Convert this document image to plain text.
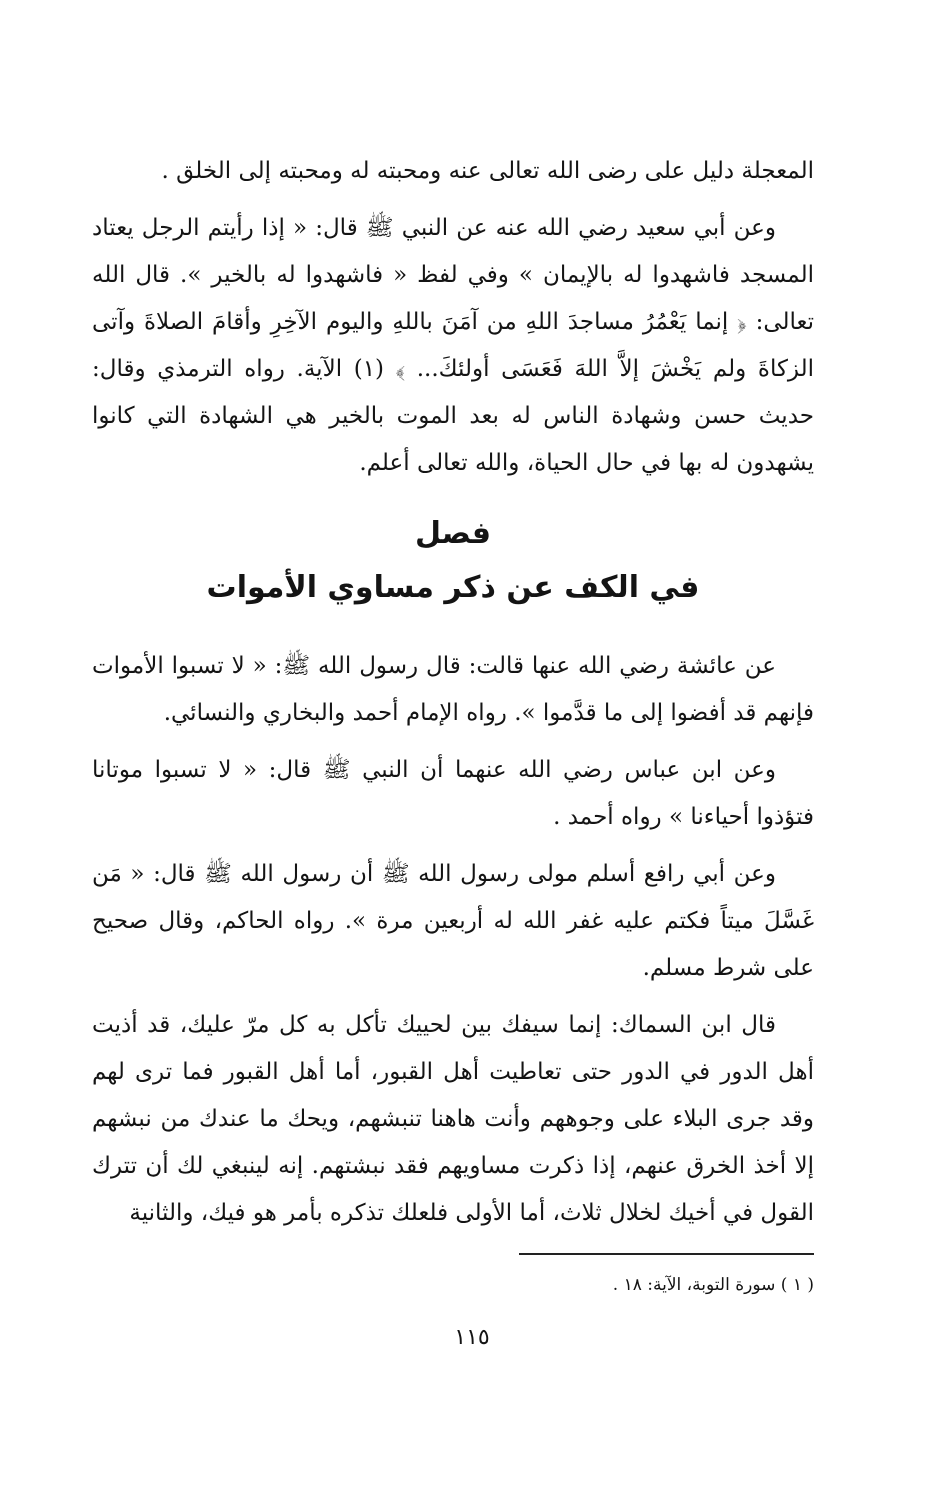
المعجلة دليل على رضى الله تعالى عنه ومحبته له ومحبته إلى الخلق .

وعن أبي سعيد رضي الله عنه عن النبي ﷺ قال: « إذا رأيتم الرجل يعتاد المسجد فاشهدوا له بالإيمان » وفي لفظ « فاشهدوا له بالخير ». قال الله تعالى: ﴿ إنما يَعْمُرُ مساجدَ اللهِ من آمَنَ باللهِ واليوم الآخِرِ وأقامَ الصلاةَ وآتى الزكاةَ ولم يَخْشَ إلاَّ اللهَ فَعَسَى أولئكَ... ﴾ (١) الآية. رواه الترمذي وقال: حديث حسن وشهادة الناس له بعد الموت بالخير هي الشهادة التي كانوا يشهدون له بها في حال الحياة، والله تعالى أعلم.

فصل

في الكف عن ذكر مساوي الأموات

عن عائشة رضي الله عنها قالت: قال رسول الله ﷺ: « لا تسبوا الأموات فإنهم قد أفضوا إلى ما قدَّموا ». رواه الإمام أحمد والبخاري والنسائي.

وعن ابن عباس رضي الله عنهما أن النبي ﷺ قال: « لا تسبوا موتانا فتؤذوا أحياءنا » رواه أحمد .

وعن أبي رافع أسلم مولى رسول الله ﷺ أن رسول الله ﷺ قال: « مَن غَسَّلَ ميتاً فكتم عليه غفر الله له أربعين مرة ». رواه الحاكم، وقال صحيح على شرط مسلم.

قال ابن السماك: إنما سيفك بين لحييك تأكل به كل مرّ عليك، قد أذيت أهل الدور في الدور حتى تعاطيت أهل القبور، أما أهل القبور فما ترى لهم وقد جرى البلاء على وجوههم وأنت هاهنا تنبشهم، ويحك ما عندك من نبشهم إلا أخذ الخرق عنهم، إذا ذكرت مساويهم فقد نبشتهم. إنه لينبغي لك أن تترك القول في أخيك لخلال ثلاث، أما الأولى فلعلك تذكره بأمر هو فيك، والثانية

( ١ ) سورة التوبة، الآية: ١٨ .

١١٥
